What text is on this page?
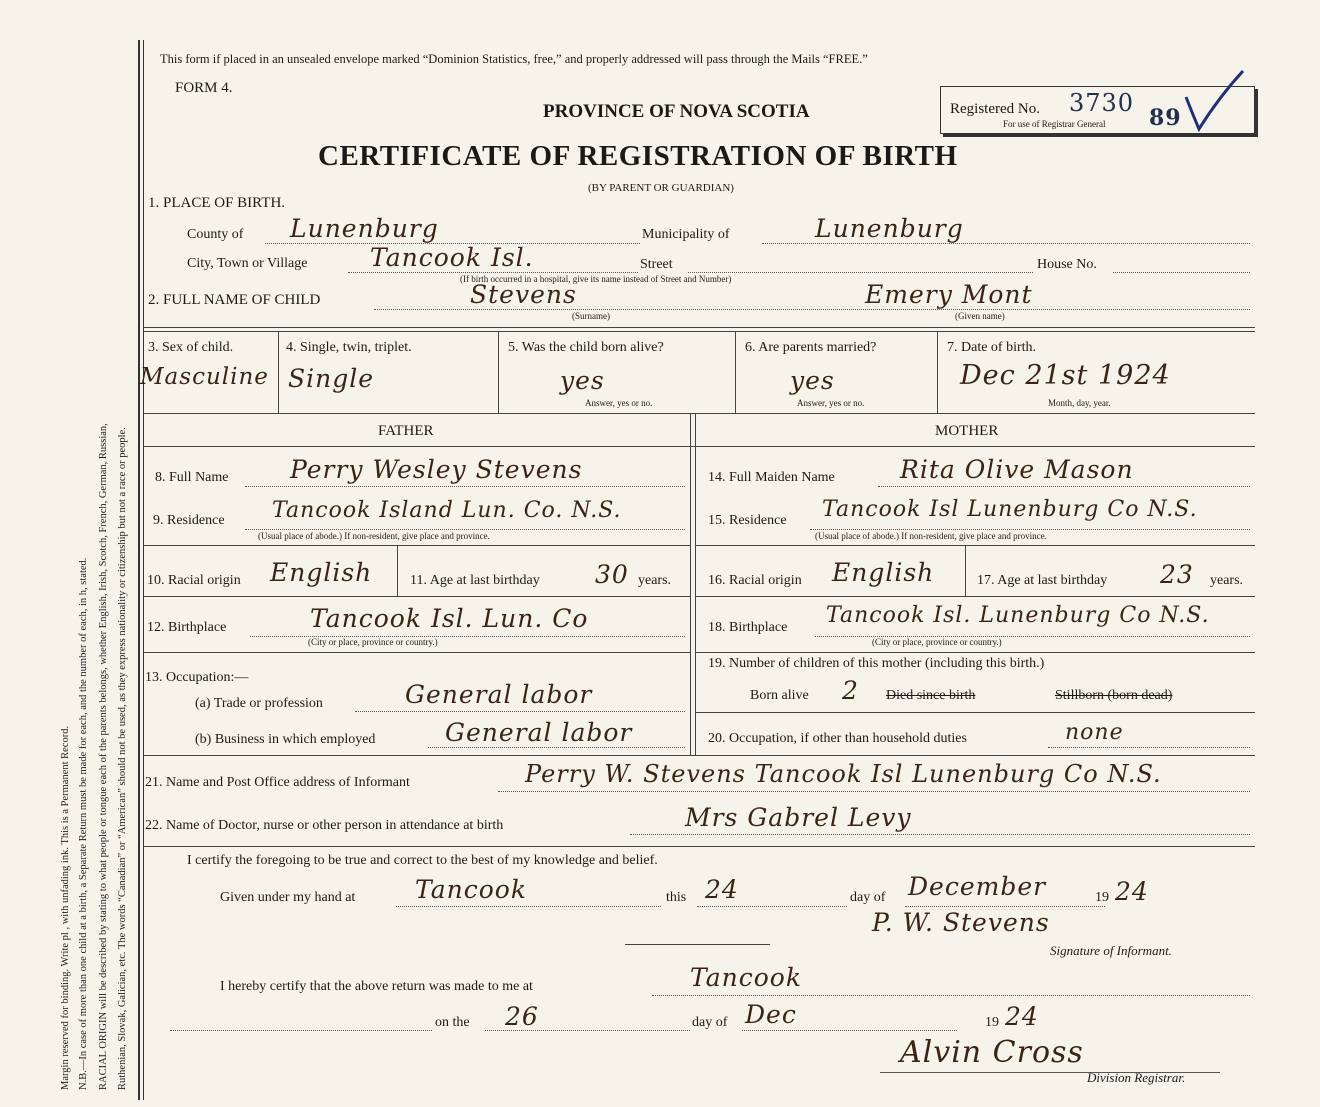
Margin reserved for binding. Write pl , with unfading ink. This is a Permanent Record. N.B.—In case of more than one child at a birth, a Separate Return must be made for each, and the number of each, in h, stated. RACIAL ORIGIN will be described by stating to what people or tongue each of the parents belongs, whether English, Irish, Scotch, French, German, Russian, Ruthenian, Slovak, Galician, etc. The words “Canadian” or “American” should not be used, as they express nationality or citizenship but not a race or people.
This form if placed in an unsealed envelope marked “Dominion Statistics, free,” and properly addressed will pass through the Mails “FREE.”
FORM 4.
PROVINCE OF NOVA SCOTIA	Registered No. 3730
89
For use of Registrar General
CERTIFICATE OF REGISTRATION OF BIRTH
(BY PARENT OR GUARDIAN)
1. PLACE OF BIRTH.
County of Lunenburg	Municipality of	Lunenburg
City, Town or Village	Tancook Isl.	Street	House No.
(If birth occurred in a hospital, give its name instead of Street and Number)
2. FULL NAME OF CHILD	Stevens	Emery Mont
(Surname)	(Given name)
3. Sex of child.
Masculine
4. Single, twin, triplet.
Single
5. Was the child born alive?
yes
Answer, yes or no.
6. Are parents married?
yes
Answer, yes or no.
7. Date of birth.
Dec 21st 1924
Month, day, year.
FATHER	MOTHER
8. Full Name Perry Wesley Stevens
9. Residence Tancook Island Lun. Co. N.S.
(Usual place of abode.) If non-resident, give place and province.
10. Racial origin English	11. Age at last birthday 30 years.
12. Birthplace	Tancook Isl. Lun. Co
(City or place, province or country.)
13. Occupation:—
(a) Trade or profession	General labor
(b) Business in which employed	General labor
14. Full Maiden Name	Rita Olive Mason
15. Residence Tancook Isl Lunenburg Co N.S.
(Usual place of abode.) If non-resident, give place and province.
16. Racial origin English	17. Age at last birthday 23 years.
18. Birthplace Tancook Isl. Lunenburg Co N.S.
(City or place, province or country.)
19. Number of children of this mother (including this birth.)
Born alive 2 Died since birth	Stillborn (born dead)
20. Occupation, if other than household duties	none
21. Name and Post Office address of Informant	Perry W. Stevens Tancook Isl Lunenburg Co N.S.
22. Name of Doctor, nurse or other person in attendance at birth	Mrs Gabrel Levy
I certify the foregoing to be true and correct to the best of my knowledge and belief.
Given under my hand at Tancook	this 24	day of December	19 24
P. W. Stevens
Signature of Informant.
I hereby certify that the above return was made to me at	Tancook
on the 26	day of Dec	19 24
Alvin Cross
Division Registrar.
